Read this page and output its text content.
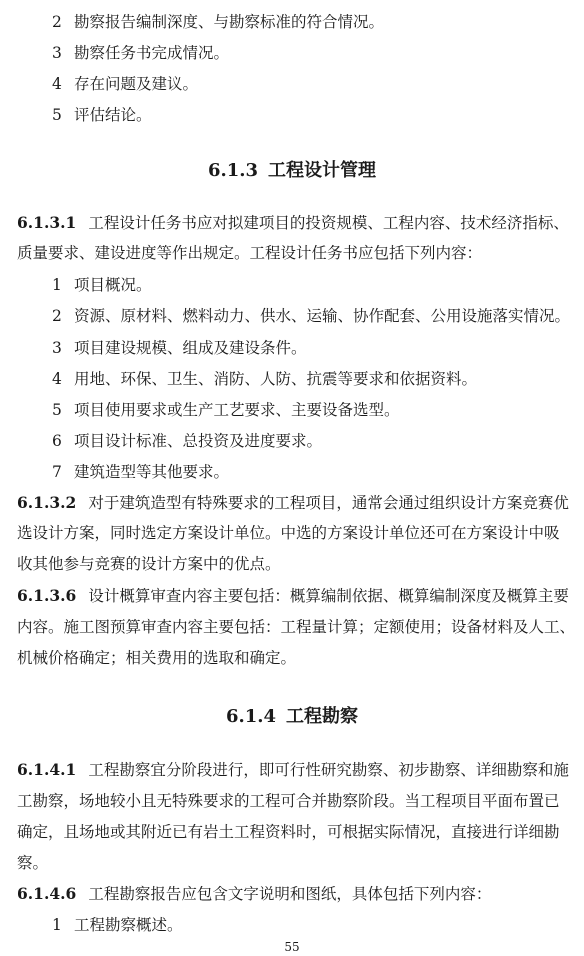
2 勘察报告编制深度、与勘察标准的符合情况。
3 勘察任务书完成情况。
4 存在问题及建议。
5 评估结论。
6.1.3 工程设计管理
6.1.3.1 工程设计任务书应对拟建项目的投资规模、工程内容、技术经济指标、
质量要求、建设进度等作出规定。工程设计任务书应包括下列内容：
1 项目概况。
2 资源、原材料、燃料动力、供水、运输、协作配套、公用设施落实情况。
3 项目建设规模、组成及建设条件。
4 用地、环保、卫生、消防、人防、抗震等要求和依据资料。
5 项目使用要求或生产工艺要求、主要设备选型。
6 项目设计标准、总投资及进度要求。
7 建筑造型等其他要求。
6.1.3.2 对于建筑造型有特殊要求的工程项目，通常会通过组织设计方案竞赛优
选设计方案，同时选定方案设计单位。中选的方案设计单位还可在方案设计中吸
收其他参与竞赛的设计方案中的优点。
6.1.3.6 设计概算审查内容主要包括：概算编制依据、概算编制深度及概算主要
内容。施工图预算审查内容主要包括：工程量计算；定额使用；设备材料及人工、
机械价格确定；相关费用的选取和确定。
6.1.4 工程勘察
6.1.4.1 工程勘察宜分阶段进行，即可行性研究勘察、初步勘察、详细勘察和施
工勘察，场地较小且无特殊要求的工程可合并勘察阶段。当工程项目平面布置已
确定，且场地或其附近已有岩土工程资料时，可根据实际情况，直接进行详细勘
察。
6.1.4.6 工程勘察报告应包含文字说明和图纸，具体包括下列内容：
1 工程勘察概述。
55
